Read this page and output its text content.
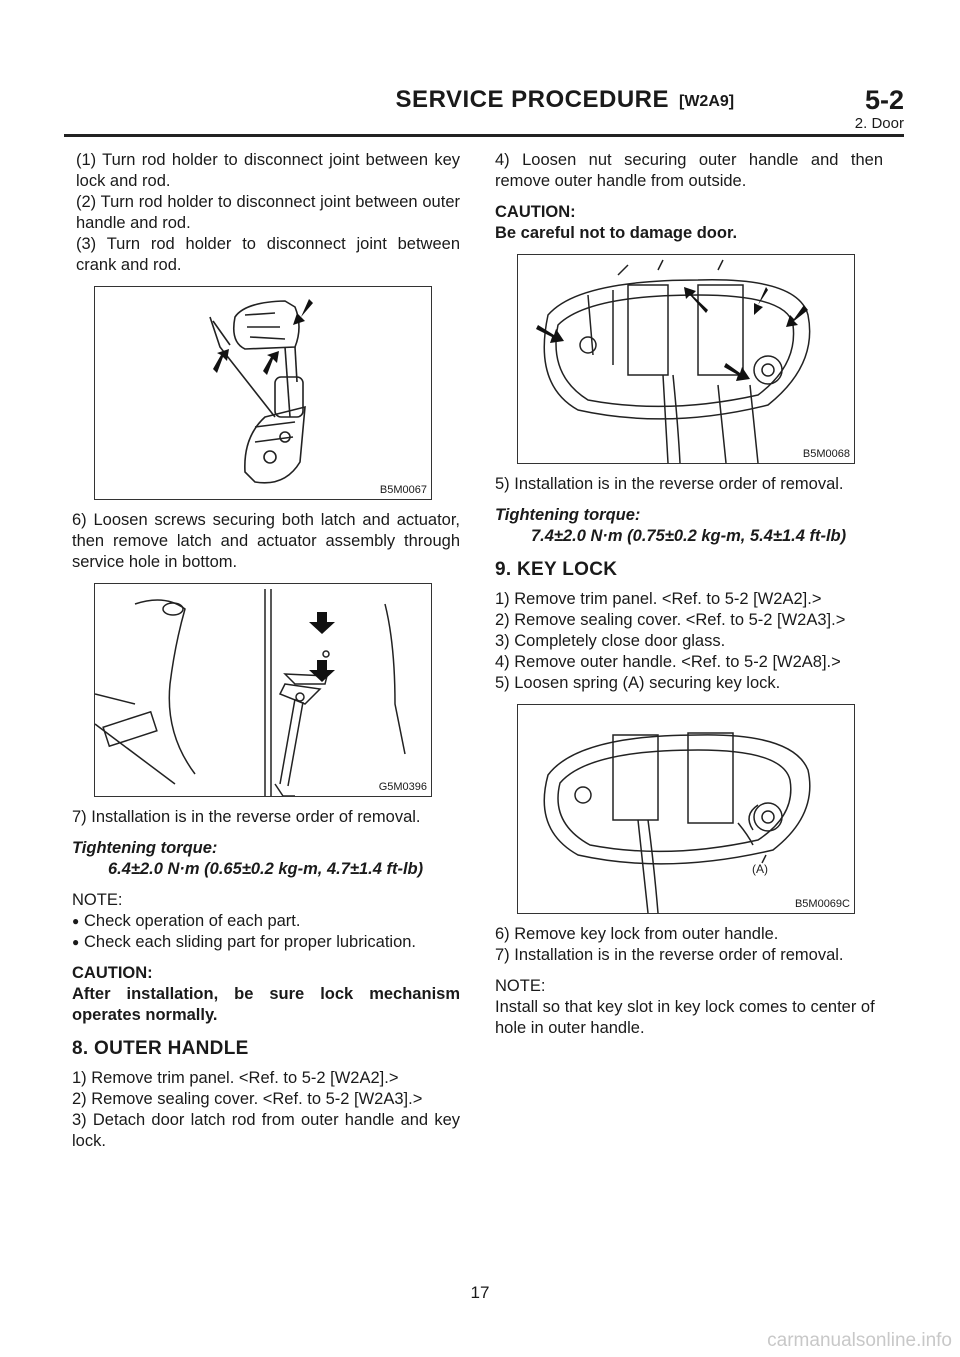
SERVICE PROCEDURE [W2A9]	5-2
2. Door

(1) Turn rod holder to disconnect joint between key lock and rod.

(2) Turn rod holder to disconnect joint between outer handle and rod.

(3) Turn rod holder to disconnect joint between crank and rod.

B5M0067

6) Loosen screws securing both latch and actuator, then remove latch and actuator assembly through service hole in bottom.

G5M0396

7) Installation is in the reverse order of removal.

Tightening torque:

6.4±2.0 N·m (0.65±0.2 kg-m, 4.7±1.4 ft-lb)

NOTE:

● Check operation of each part.
● Check each sliding part for proper lubrication.

CAUTION:

After installation, be sure lock mechanism operates normally.

8. OUTER HANDLE

1) Remove trim panel. <Ref. to 5-2 [W2A2].>

2) Remove sealing cover. <Ref. to 5-2 [W2A3].>

3) Detach door latch rod from outer handle and key lock.

4) Loosen nut securing outer handle and then remove outer handle from outside.

CAUTION:

Be careful not to damage door.

B5M0068

5) Installation is in the reverse order of removal.

Tightening torque:

7.4±2.0 N·m (0.75±0.2 kg-m, 5.4±1.4 ft-lb)

9. KEY LOCK

1) Remove trim panel. <Ref. to 5-2 [W2A2].>

2) Remove sealing cover. <Ref. to 5-2 [W2A3].>

3) Completely close door glass.

4) Remove outer handle. <Ref. to 5-2 [W2A8].>

5) Loosen spring (A) securing key lock.

(A)
B5M0069C

6) Remove key lock from outer handle.

7) Installation is in the reverse order of removal.

NOTE:

Install so that key slot in key lock comes to center of hole in outer handle.

17
carmanualsonline.info
